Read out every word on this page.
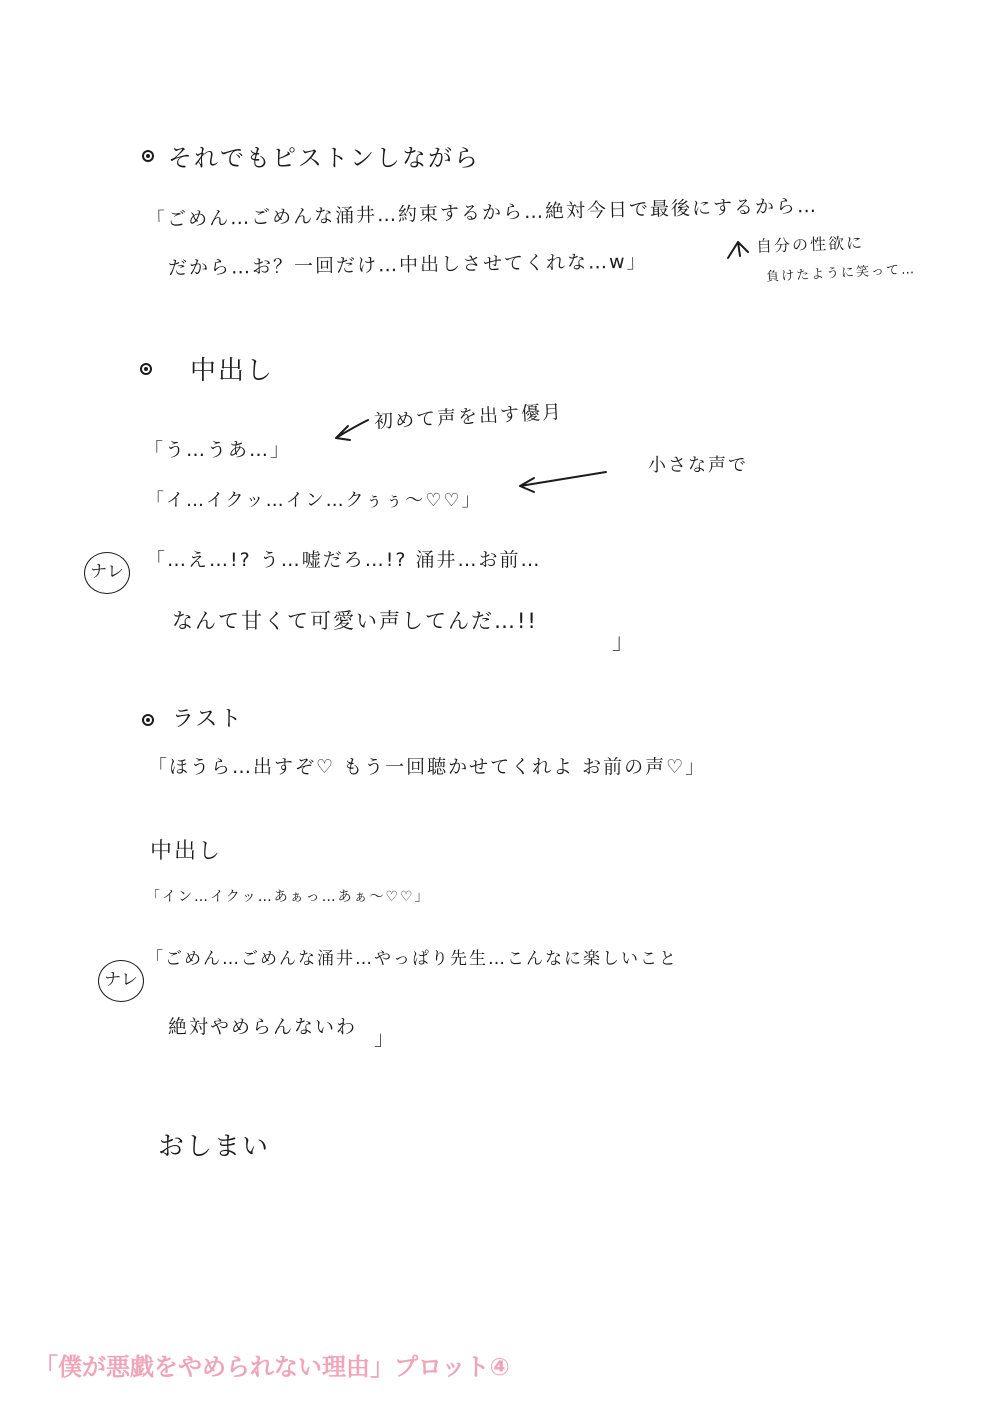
それでもピストンしながら
「ごめん…ごめんな涌井…約束するから…絶対今日で最後にするから…
だから…お？一回だけ…中出しさせてくれな…w」
自分の性欲に
負けたように笑って…
中出し
「う…うあ…」
初めて声を出す優月
「イ…イクッ…イン…クぅぅ〜♡♡」
小さな声で
ナレ
「…え…!? う…嘘だろ…!? 涌井…お前…
なんて甘くて可愛い声してんだ…!!
」
ラスト
「ほうら…出すぞ♡ もう一回聴かせてくれよ お前の声♡」
中出し
「イン…イクッ…あぁっ…あぁ〜♡♡」
ナレ
「ごめん…ごめんな涌井…やっぱり先生…こんなに楽しいこと
絶対やめらんないわ 」
おしまい
「僕が悪戯をやめられない理由」プロット④
